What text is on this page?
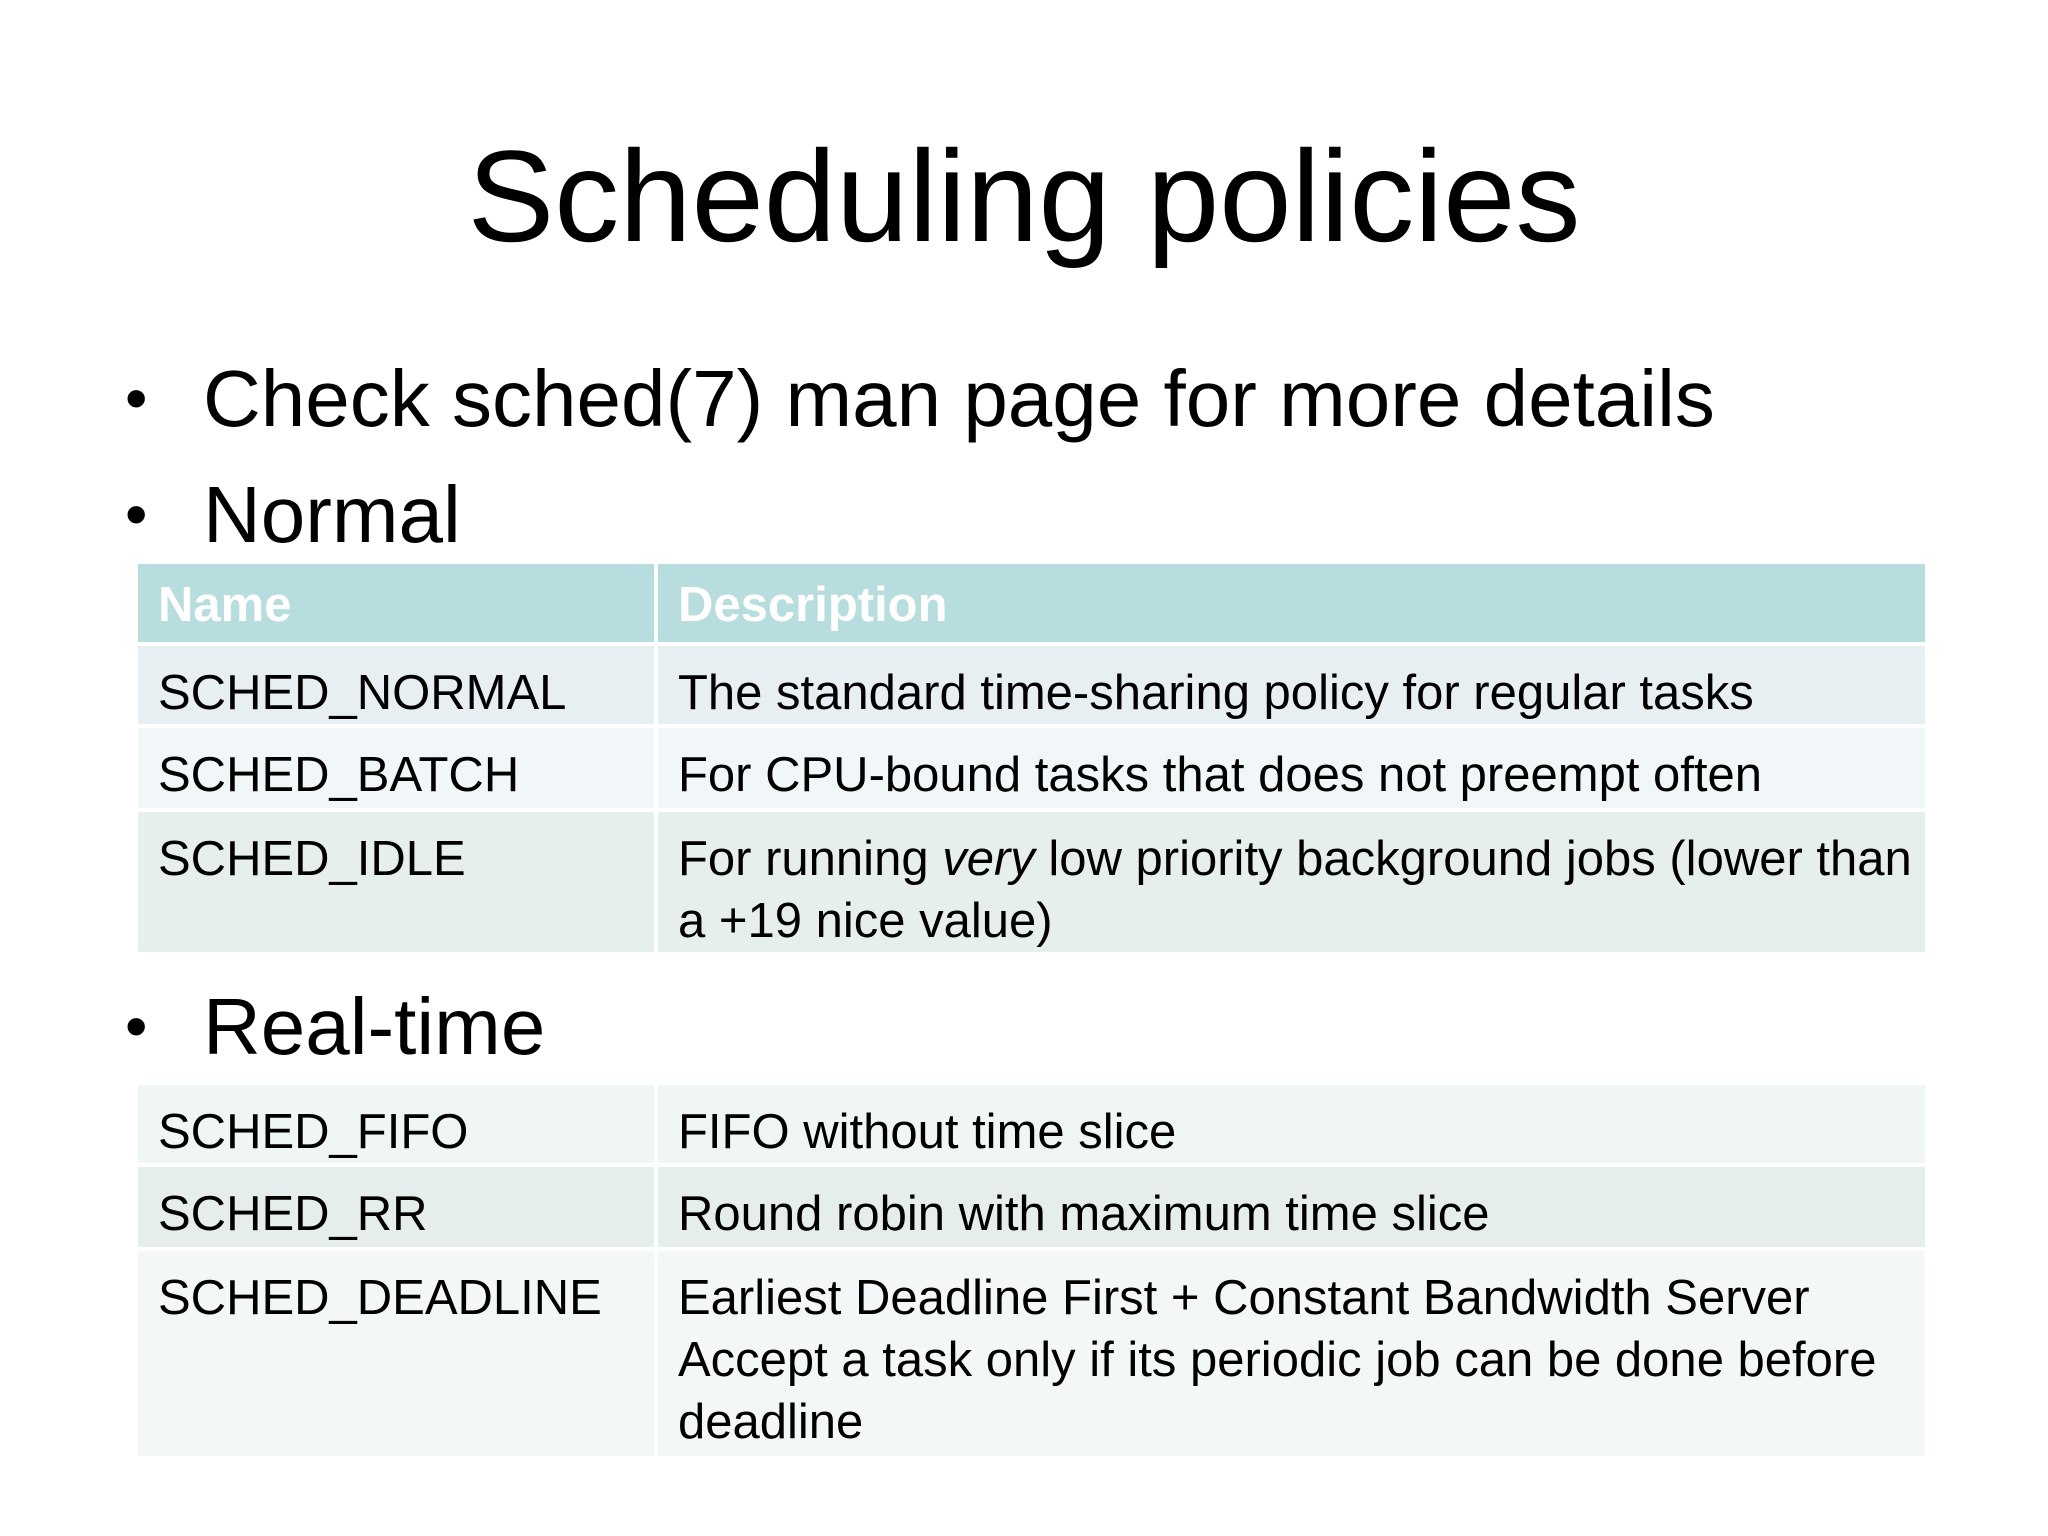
Scheduling policies
• Check sched(7) man page for more details
• Normal
Name	Description
SCHED_NORMAL	The standard time-sharing policy for regular tasks
SCHED_BATCH	For CPU-bound tasks that does not preempt often
SCHED_IDLE	For running very low priority background jobs (lower than a +19 nice value)
• Real-time
SCHED_FIFO	FIFO without time slice
SCHED_RR	Round robin with maximum time slice
SCHED_DEADLINE	Earliest Deadline First + Constant Bandwidth Server
Accept a task only if its periodic job can be done before deadline
